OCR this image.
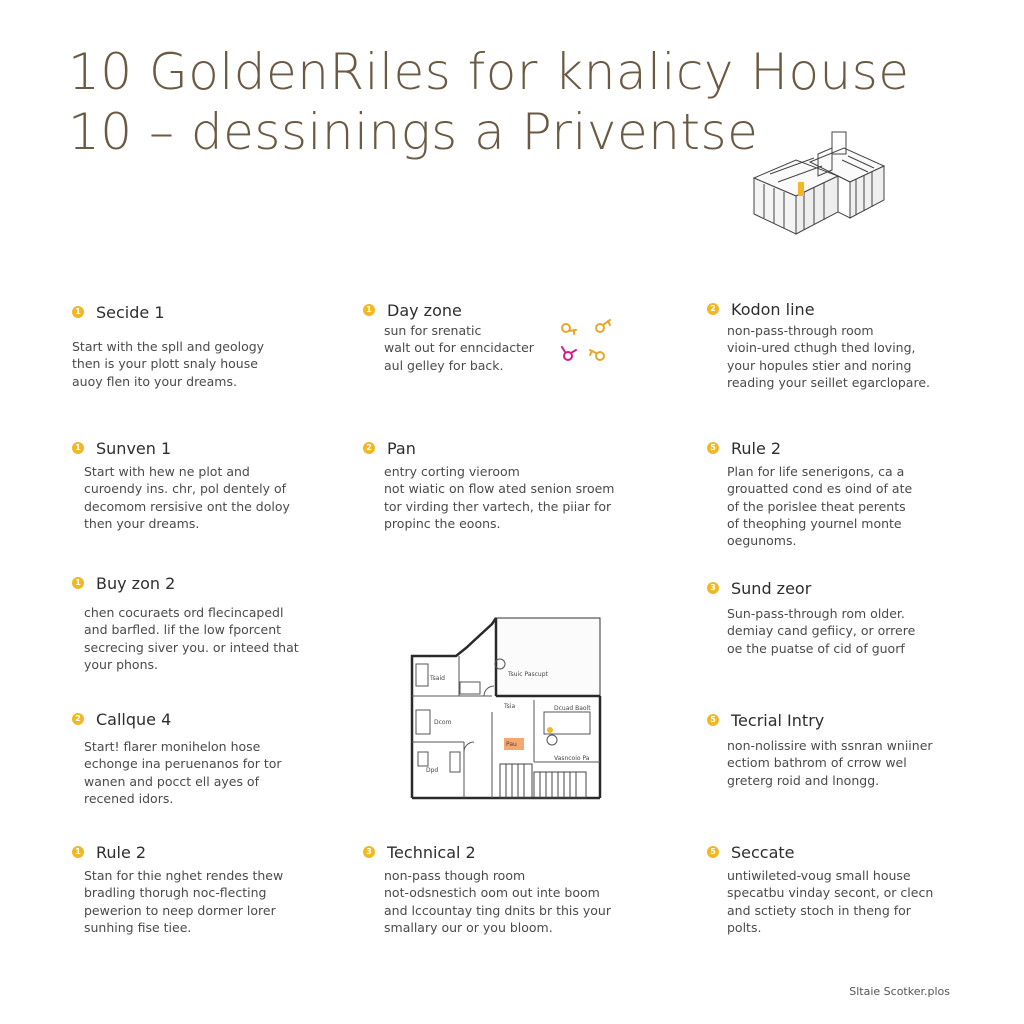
10 GoldenRiles for knalicy House
10 – dessinings a Priventse
Tsaid
Tsuic Pascupt
Dcom
Dpd
Pau
Dcuad Baolt
Vasncoio Pa
Tsia
1 Secide 1
Start with the spll and geology
then is your plott snaly house
auoy flen ito your dreams.
1 Day zone
sun for srenatic
walt out for enncidacter
aul gelley for back.
2 Kodon line
non-pass-through room
vioin-ured cthugh thed loving,
your hopules stier and noring
reading your seillet egarclopare.
1 Sunven 1
Start with hew ne plot and
curoendy ins. chr, pol dentely of
decomom rersisive ont the doloy
then your dreams.
2 Pan
entry corting vieroom
not wiatic on flow ated senion sroem
tor virding ther vartech, the piiar for
propinc the eoons.
5 Rule 2
Plan for life senerigons, ca a
grouatted cond es oind of ate
of the porislee theat perents
of theophing yournel monte
oegunoms.
1 Buy zon 2
chen cocuraets ord flecincapedl
and barfled. lif the low fporcent
secrecing siver you. or inteed that
your phons.
3 Sund zeor
Sun-pass-through rom older.
demiay cand gefiicy, or orrere
oe the puatse of cid of guorf
2 Callque 4
Start! flarer monihelon hose
echonge ina peruenanos for tor
wanen and pocct ell ayes of
recened idors.
5 Tecrial Intry
non-nolissire with ssnran wniiner
ectiom bathrom of crrow wel
greterg roid and lnongg.
1 Rule 2
Stan for thie nghet rendes thew
bradling thorugh noc-flecting
pewerion to neep dormer lorer
sunhing fise tiee.
3 Technical 2
non-pass though room
not-odsnestich oom out inte boom
and lccountay ting dnits br this your
smallary our or you bloom.
5 Seccate
untiwileted-voug small house
specatbu vinday secont, or clecn
and sctiety stoch in theng for
polts.
Sltaie Scotker.plos
